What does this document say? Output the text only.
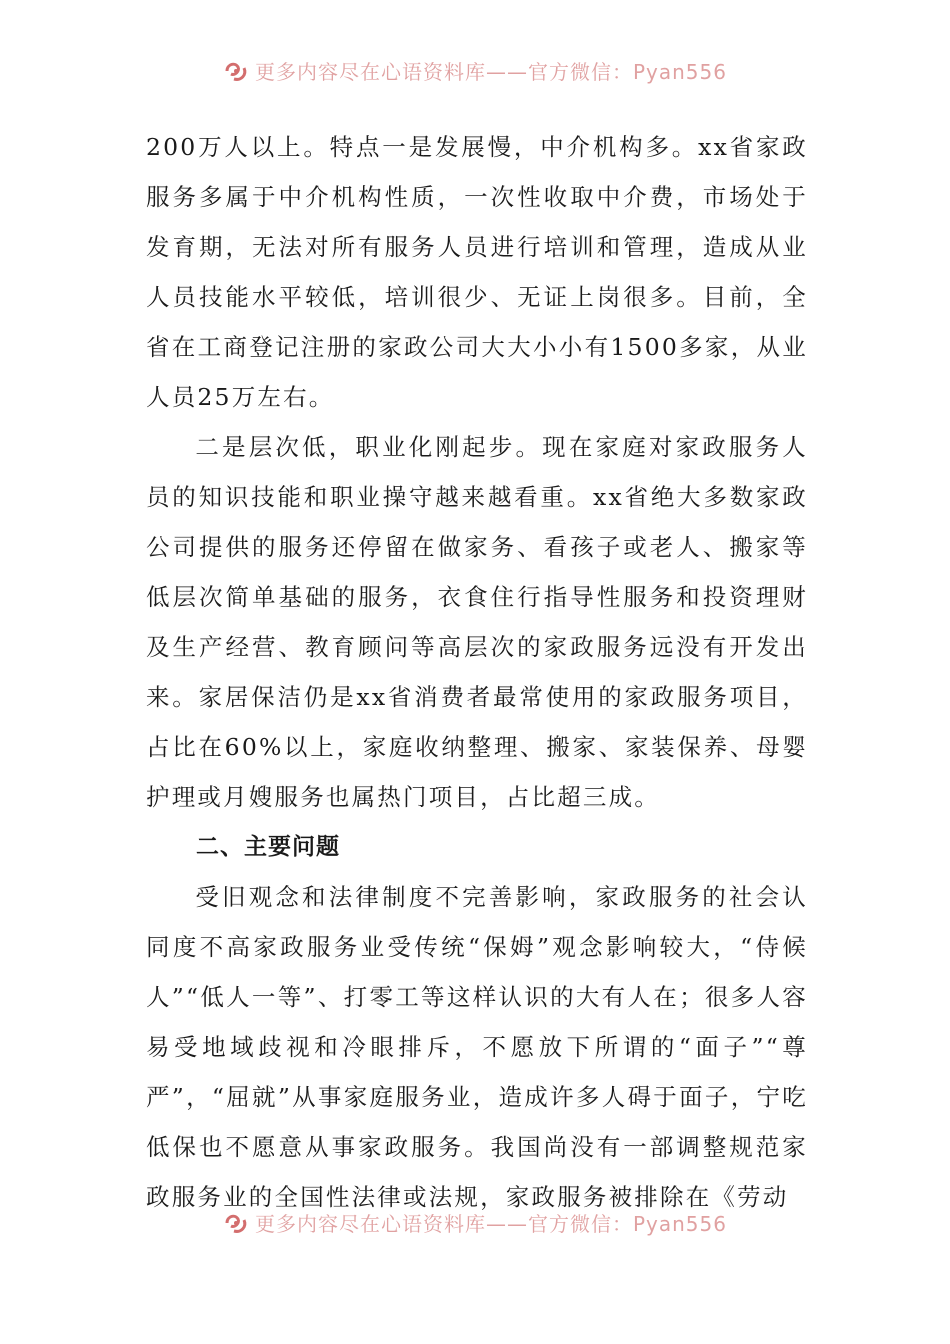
更多内容尽在心语资料库——官方微信：Pyan556

200万人以上。特点一是发展慢，中介机构多。xx省家政服务多属于中介机构性质，一次性收取中介费，市场处于发育期，无法对所有服务人员进行培训和管理，造成从业人员技能水平较低，培训很少、无证上岗很多。目前，全省在工商登记注册的家政公司大大小小有1500多家，从业人员25万左右。

二是层次低，职业化刚起步。现在家庭对家政服务人员的知识技能和职业操守越来越看重。xx省绝大多数家政公司提供的服务还停留在做家务、看孩子或老人、搬家等低层次简单基础的服务，衣食住行指导性服务和投资理财及生产经营、教育顾问等高层次的家政服务远没有开发出来。家居保洁仍是xx省消费者最常使用的家政服务项目，占比在60%以上，家庭收纳整理、搬家、家装保养、母婴护理或月嫂服务也属热门项目，占比超三成。

二、主要问题

受旧观念和法律制度不完善影响，家政服务的社会认同度不高家政服务业受传统“保姆”观念影响较大，“侍候人”“低人一等”、打零工等这样认识的大有人在；很多人容易受地域歧视和冷眼排斥，不愿放下所谓的“面子”“尊严”，“屈就”从事家庭服务业，造成许多人碍于面子，宁吃低保也不愿意从事家政服务。我国尚没有一部调整规范家政服务业的全国性法律或法规，家政服务被排除在《劳动

更多内容尽在心语资料库——官方微信：Pyan556
